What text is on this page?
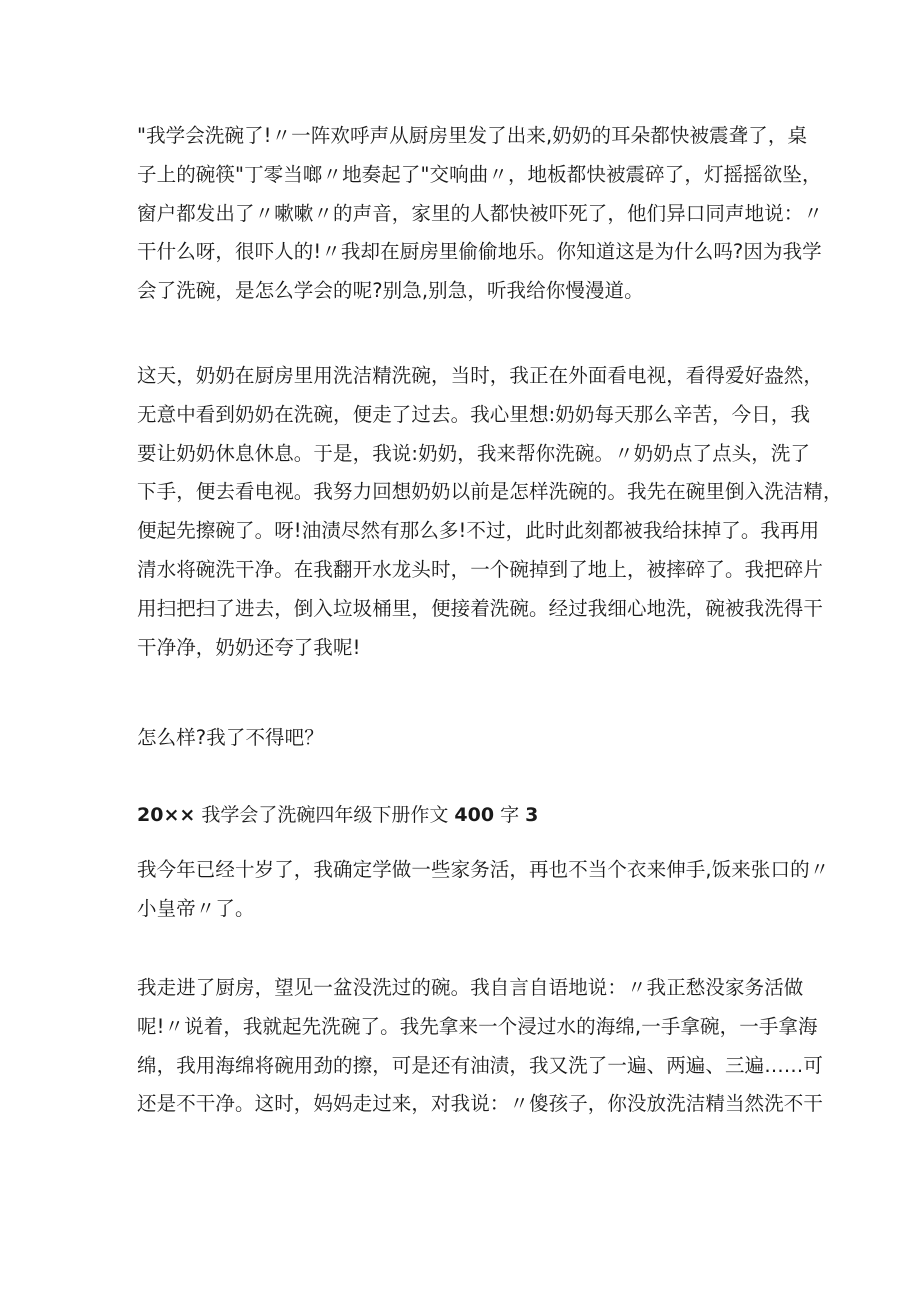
"我学会洗碗了!〃一阵欢呼声从厨房里发了出来,奶奶的耳朵都快被震聋了，桌
子上的碗筷"丁零当啷〃地奏起了"交响曲〃，地板都快被震碎了，灯摇摇欲坠，
窗户都发出了〃嗽嗽〃的声音，家里的人都快被吓死了，他们异口同声地说：〃
干什么呀，很吓人的!〃我却在厨房里偷偷地乐。你知道这是为什么吗?因为我学
会了洗碗，是怎么学会的呢?别急,别急，听我给你慢漫道。
这天，奶奶在厨房里用洗洁精洗碗，当时，我正在外面看电视，看得爱好盎然，
无意中看到奶奶在洗碗，便走了过去。我心里想:奶奶每天那么辛苦，今日，我
要让奶奶休息休息。于是，我说:奶奶，我来帮你洗碗。〃奶奶点了点头，洗了
下手，便去看电视。我努力回想奶奶以前是怎样洗碗的。我先在碗里倒入洗洁精，
便起先擦碗了。呀!油渍尽然有那么多!不过，此时此刻都被我给抹掉了。我再用
清水将碗洗干净。在我翻开水龙头时，一个碗掉到了地上，被摔碎了。我把碎片
用扫把扫了进去，倒入垃圾桶里，便接着洗碗。经过我细心地洗，碗被我洗得干
干净净，奶奶还夸了我呢!
怎么样?我了不得吧？
20×× 我学会了洗碗四年级下册作文 400 字 3
我今年已经十岁了，我确定学做一些家务活，再也不当个衣来伸手,饭来张口的〃
小皇帝〃了。
我走进了厨房，望见一盆没洗过的碗。我自言自语地说：〃我正愁没家务活做
呢!〃说着，我就起先洗碗了。我先拿来一个浸过水的海绵,一手拿碗，一手拿海
绵，我用海绵将碗用劲的擦，可是还有油渍，我又洗了一遍、两遍、三遍……可
还是不干净。这时，妈妈走过来，对我说：〃傻孩子，你没放洗洁精当然洗不干
